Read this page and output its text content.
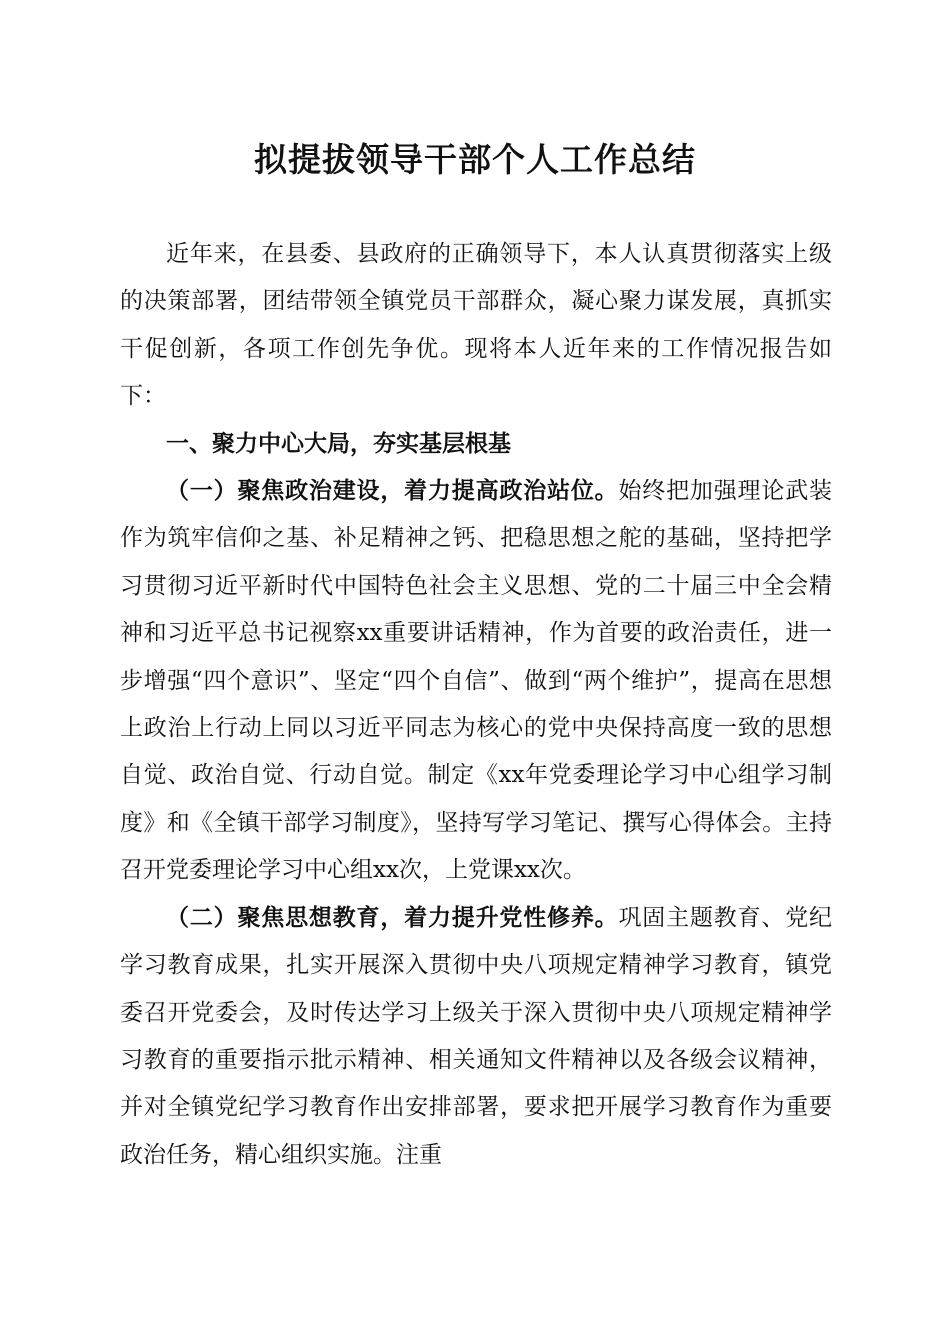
拟提拔领导干部个人工作总结

近年来，在县委、县政府的正确领导下，本人认真贯彻落实上级的决策部署，团结带领全镇党员干部群众，凝心聚力谋发展，真抓实干促创新，各项工作创先争优。现将本人近年来的工作情况报告如下：

一、聚力中心大局，夯实基层根基

（一）聚焦政治建设，着力提高政治站位。始终把加强理论武装作为筑牢信仰之基、补足精神之钙、把稳思想之舵的基础，坚持把学习贯彻习近平新时代中国特色社会主义思想、党的二十届三中全会精神和习近平总书记视察xx重要讲话精神，作为首要的政治责任，进一步增强“四个意识”、坚定“四个自信”、做到“两个维护”，提高在思想上政治上行动上同以习近平同志为核心的党中央保持高度一致的思想自觉、政治自觉、行动自觉。制定《xx年党委理论学习中心组学习制度》和《全镇干部学习制度》，坚持写学习笔记、撰写心得体会。主持召开党委理论学习中心组xx次，上党课xx次。

（二）聚焦思想教育，着力提升党性修养。巩固主题教育、党纪学习教育成果，扎实开展深入贯彻中央八项规定精神学习教育，镇党委召开党委会，及时传达学习上级关于深入贯彻中央八项规定精神学习教育的重要指示批示精神、相关通知文件精神以及各级会议精神，并对全镇党纪学习教育作出安排部署，要求把开展学习教育作为重要政治任务，精心组织实施。注重
